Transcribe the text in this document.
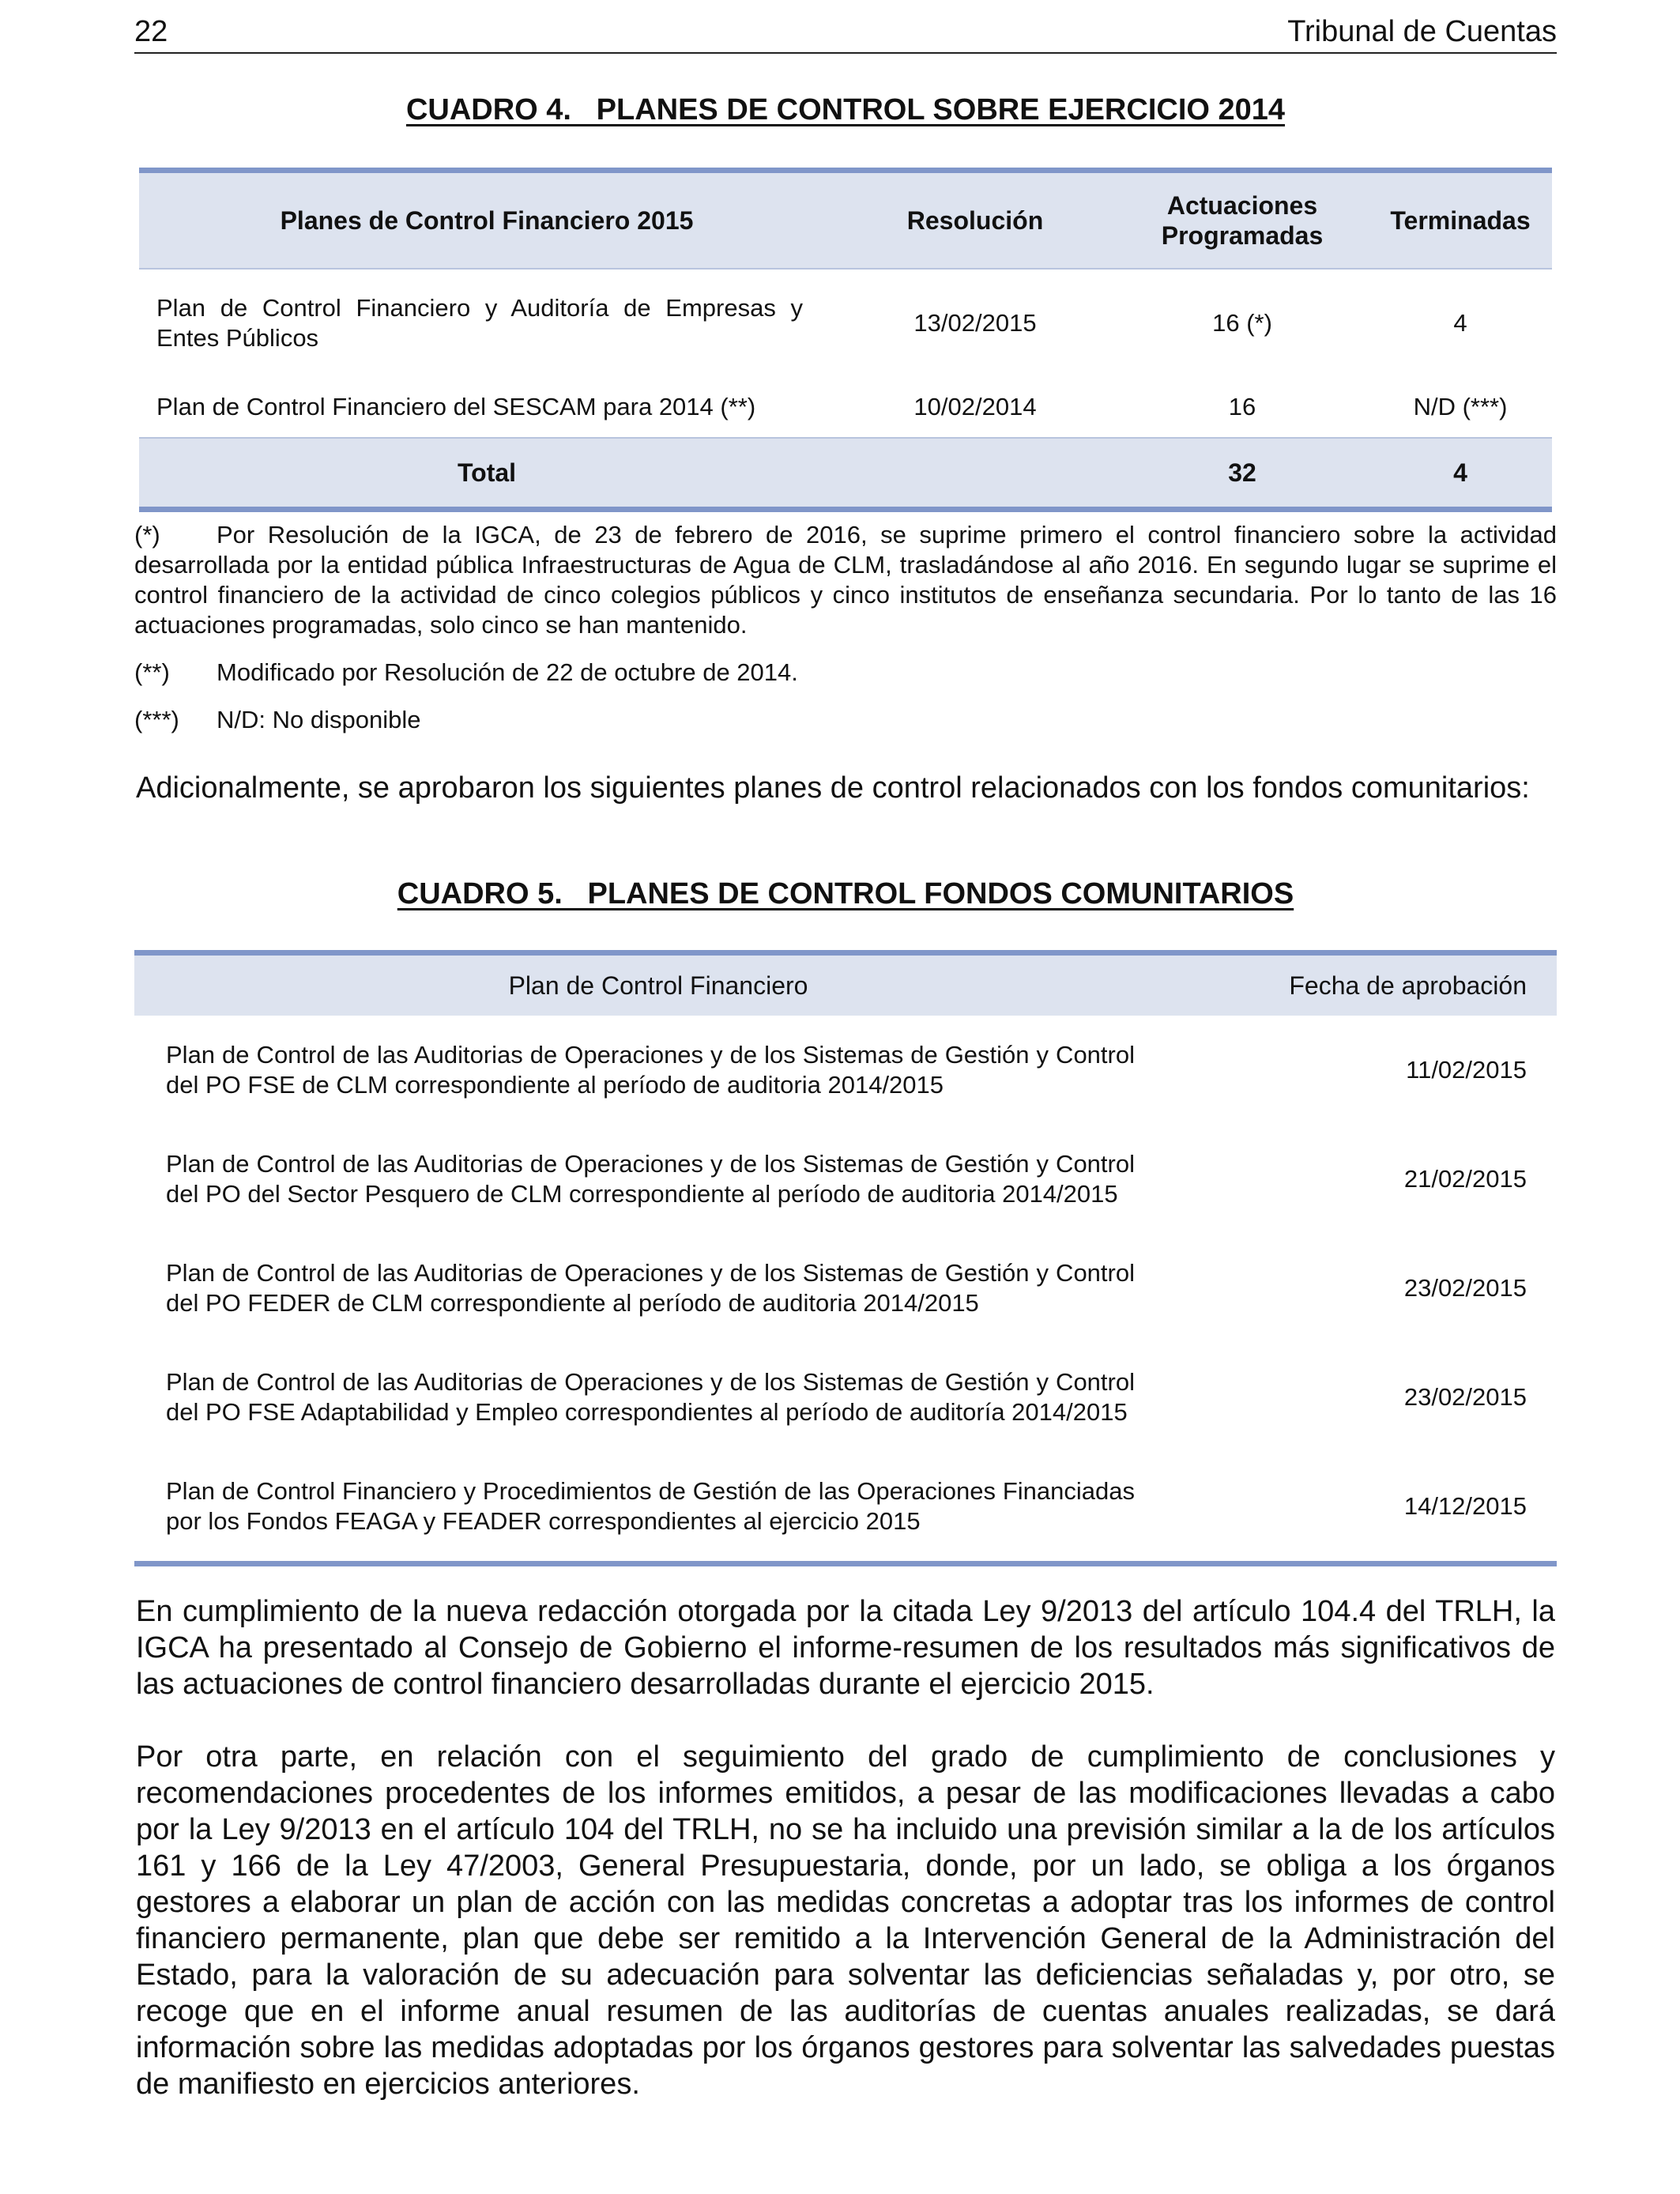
22	Tribunal de Cuentas
CUADRO 4.   PLANES DE CONTROL SOBRE EJERCICIO 2014
Planes de Control Financiero 2015	Resolución	Actuaciones Programadas	Terminadas
Plan de Control Financiero y Auditoría de Empresas y Entes Públicos	13/02/2015	16 (*)	4
Plan de Control Financiero del SESCAM para 2014 (**)	10/02/2014	16	N/D (***)
Total		32	4
(*) Por Resolución de la IGCA, de 23 de febrero de 2016, se suprime primero el control financiero sobre la actividad desarrollada por la entidad pública Infraestructuras de Agua de CLM, trasladándose al año 2016. En segundo lugar se suprime el control financiero de la actividad de cinco colegios públicos y cinco institutos de enseñanza secundaria. Por lo tanto de las 16 actuaciones programadas, solo cinco se han mantenido.
(**) Modificado por Resolución de 22 de octubre de 2014.
(***) N/D: No disponible
Adicionalmente, se aprobaron los siguientes planes de control relacionados con los fondos comunitarios:
CUADRO 5.   PLANES DE CONTROL FONDOS COMUNITARIOS
Plan de Control Financiero	Fecha de aprobación
Plan de Control de las Auditorias de Operaciones y de los Sistemas de Gestión y Control del PO FSE de CLM correspondiente al período de auditoria 2014/2015	11/02/2015
Plan de Control de las Auditorias de Operaciones y de los Sistemas de Gestión y Control del PO del Sector Pesquero de CLM correspondiente al período de auditoria 2014/2015	21/02/2015
Plan de Control de las Auditorias de Operaciones y de los Sistemas de Gestión y Control del PO FEDER de CLM correspondiente al período de auditoria 2014/2015	23/02/2015
Plan de Control de las Auditorias de Operaciones y de los Sistemas de Gestión y Control del PO FSE Adaptabilidad y Empleo correspondientes al período de auditoría 2014/2015	23/02/2015
Plan de Control Financiero y Procedimientos de Gestión de las Operaciones Financiadas por los Fondos FEAGA y FEADER correspondientes al ejercicio 2015	14/12/2015
En cumplimiento de la nueva redacción otorgada por la citada Ley 9/2013 del artículo 104.4 del TRLH, la IGCA ha presentado al Consejo de Gobierno el informe-resumen de los resultados más significativos de las actuaciones de control financiero desarrolladas durante el ejercicio 2015.
Por otra parte, en relación con el seguimiento del grado de cumplimiento de conclusiones y recomendaciones procedentes de los informes emitidos, a pesar de las modificaciones llevadas a cabo por la Ley 9/2013 en el artículo 104 del TRLH, no se ha incluido una previsión similar a la de los artículos 161 y 166 de la Ley 47/2003, General Presupuestaria, donde, por un lado, se obliga a los órganos gestores a elaborar un plan de acción con las medidas concretas a adoptar tras los informes de control financiero permanente, plan que debe ser remitido a la Intervención General de la Administración del Estado, para la valoración de su adecuación para solventar las deficiencias señaladas y, por otro, se recoge que en el informe anual resumen de las auditorías de cuentas anuales realizadas, se dará información sobre las medidas adoptadas por los órganos gestores para solventar las salvedades puestas de manifiesto en ejercicios anteriores.
